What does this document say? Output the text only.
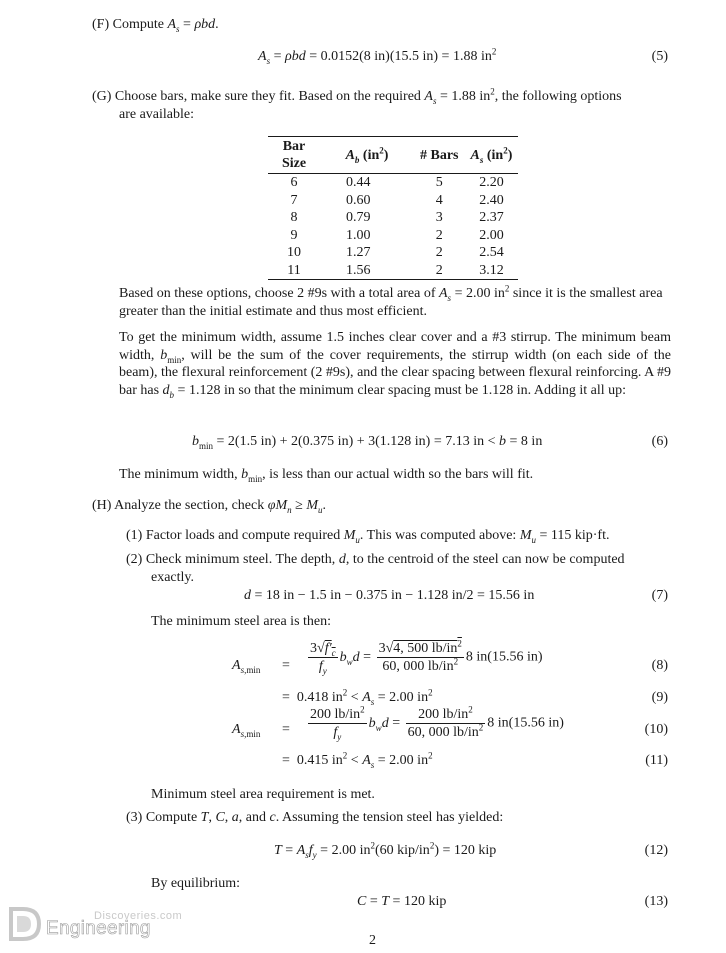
(F) Compute $A_s = \rho bd$.
$A_s = \rho bd = 0.0152(8$ in)(15.5 in) = 1.88 $in^2$	(5)
(G) Choose bars, make sure they fit. Based on the required $A_s = 1.88$ $in^2$, the following options
are available:
Bar Size	$A_b$ $(in^2)$	# Bars	$A_s$ $(in^2)$
6	0.44	5	2.20
7	0.60	4	2.40
8	0.79	3	2.37
9	1.00	2	2.00
10	1.27	2	2.54
11	1.56	2	3.12
Based on these options, choose 2 #9s with a total area of $A_s = 2.00$ $in^2$ since it is the smallest area greater than the initial estimate and thus most efficient.
To get the minimum width, assume 1.5 inches clear cover and a #3 stirrup. The minimum beam width, $b_{min}$, will be the sum of the cover requirements, the stirrup width (on each side of the beam), the flexural reinforcement (2 #9s), and the clear spacing between flexural reinforcing. A #9 bar has $d_b = 1.128$ in so that the minimum clear spacing must be 1.128 in. Adding it all up:
$b_{min} = 2(1.5$ in) + 2(0.375 in) + 3(1.128 in) = 7.13 in < b = 8 in	(6)
The minimum width, $b_{min}$, is less than our actual width so the bars will fit.
(H) Analyze the section, check $\varphi M_n \ge M_u$.
(1) Factor loads and compute required $M_u$. This was computed above: $M_u = 115$ kip·ft.
(2) Check minimum steel. The depth, d, to the centroid of the steel can now be computed
exactly.
d = 18 in − 1.5 in − 0.375 in − 1.128 in/2 = 15.56 in	(7)
The minimum steel area is then:
$A_{s,min} = \frac{3√f'_c}{f_y} b_wd = \frac{3√4, 500 lb/in^2}{60, 000 lb/in^2} 8$ in(15.56 in)
(8)
=  0.418 $in^2 < A_s = 2.00$ $in^2$	(9)
$A_{s,min} = \frac{200 lb/in^2}{f_y} b_wd = \frac{200 lb/in^2}{60, 000 lb/in^2} 8$ in(15.56 in)	(10)
=  0.415 $in^2 < A_s = 2.00$ $in^2$	(11)
Minimum steel area requirement is met.
(3) Compute T, C, a, and c. Assuming the tension steel has yielded:
$T = A_sf_y = 2.00$ $in^2(60$ kip/$in^2) = 120$ kip	(12)
By equilibrium:
C = T = 120 kip	(13)
2
Discoveries.com
Engineering
